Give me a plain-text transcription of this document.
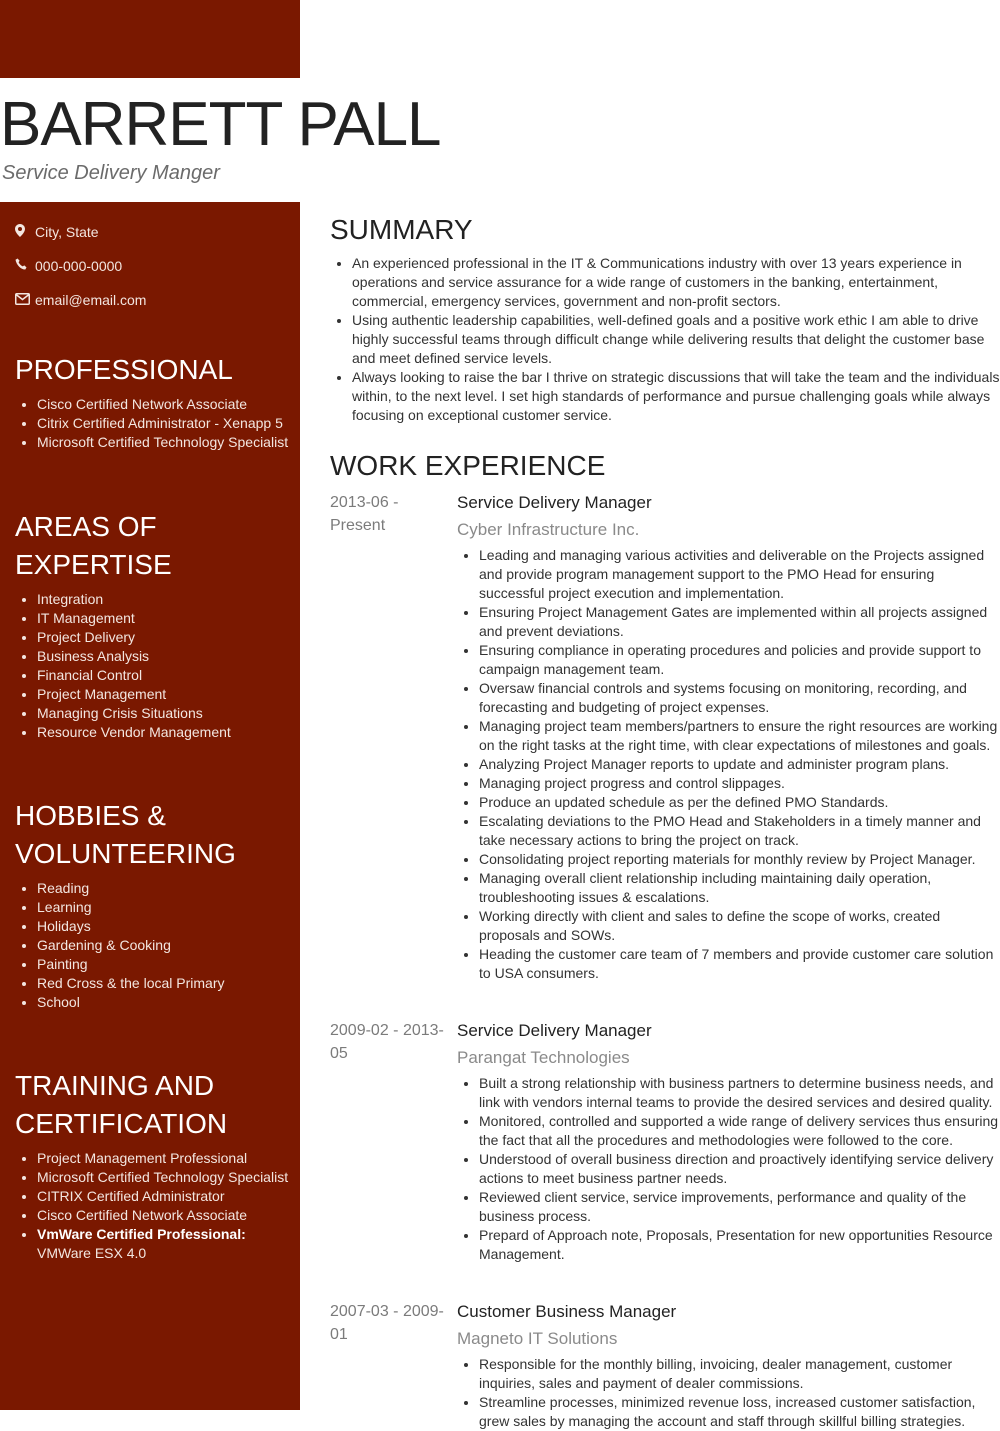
BARRETT PALL
Service Delivery Manger
City, State
000-000-0000
email@email.com
PROFESSIONAL
• Cisco Certified Network Associate
• Citrix Certified Administrator - Xenapp 5
• Microsoft Certified Technology Specialist
AREAS OF EXPERTISE
• Integration
• IT Management
• Project Delivery
• Business Analysis
• Financial Control
• Project Management
• Managing Crisis Situations
• Resource Vendor Management
HOBBIES &
VOLUNTEERING
• Reading
• Learning
• Holidays
• Gardening & Cooking
• Painting
• Red Cross & the local Primary
• School
TRAINING AND
CERTIFICATION
• Project Management Professional
• Microsoft Certified Technology Specialist
• CITRIX Certified Administrator
• Cisco Certified Network Associate
• VmWare Certified Professional:
VMWare ESX 4.0
SUMMARY
• An experienced professional in the IT & Communications industry with over 13 years experience in operations and service assurance for a wide range of customers in the banking, entertainment, commercial, emergency services, government and non-profit sectors.
• Using authentic leadership capabilities, well-defined goals and a positive work ethic I am able to drive highly successful teams through difficult change while delivering results that delight the customer base and meet defined service levels.
• Always looking to raise the bar I thrive on strategic discussions that will take the team and the individuals within, to the next level. I set high standards of performance and pursue challenging goals while always focusing on exceptional customer service.
WORK EXPERIENCE
2013-06 - Present
Service Delivery Manager
Cyber Infrastructure Inc.
• Leading and managing various activities and deliverable on the Projects assigned and provide program management support to the PMO Head for ensuring successful project execution and implementation.
• Ensuring Project Management Gates are implemented within all projects assigned and prevent deviations.
• Ensuring compliance in operating procedures and policies and provide support to campaign management team.
• Oversaw financial controls and systems focusing on monitoring, recording, and forecasting and budgeting of project expenses.
• Managing project team members/partners to ensure the right resources are working on the right tasks at the right time, with clear expectations of milestones and goals.
• Analyzing Project Manager reports to update and administer program plans.
• Managing project progress and control slippages.
• Produce an updated schedule as per the defined PMO Standards.
• Escalating deviations to the PMO Head and Stakeholders in a timely manner and take necessary actions to bring the project on track.
• Consolidating project reporting materials for monthly review by Project Manager.
• Managing overall client relationship including maintaining daily operation, troubleshooting issues & escalations.
• Working directly with client and sales to define the scope of works, created proposals and SOWs.
• Heading the customer care team of 7 members and provide customer care solution to USA consumers.
2009-02 - 2013-05
Service Delivery Manager
Parangat Technologies
• Built a strong relationship with business partners to determine business needs, and link with vendors internal teams to provide the desired services and desired quality.
• Monitored, controlled and supported a wide range of delivery services thus ensuring the fact that all the procedures and methodologies were followed to the core.
• Understood of overall business direction and proactively identifying service delivery actions to meet business partner needs.
• Reviewed client service, service improvements, performance and quality of the business process.
• Prepard of Approach note, Proposals, Presentation for new opportunities Resource Management.
2007-03 - 2009-01
Customer Business Manager
Magneto IT Solutions
• Responsible for the monthly billing, invoicing, dealer management, customer inquiries, sales and payment of dealer commissions.
• Streamline processes, minimized revenue loss, increased customer satisfaction, grew sales by managing the account and staff through skillful billing strategies.
